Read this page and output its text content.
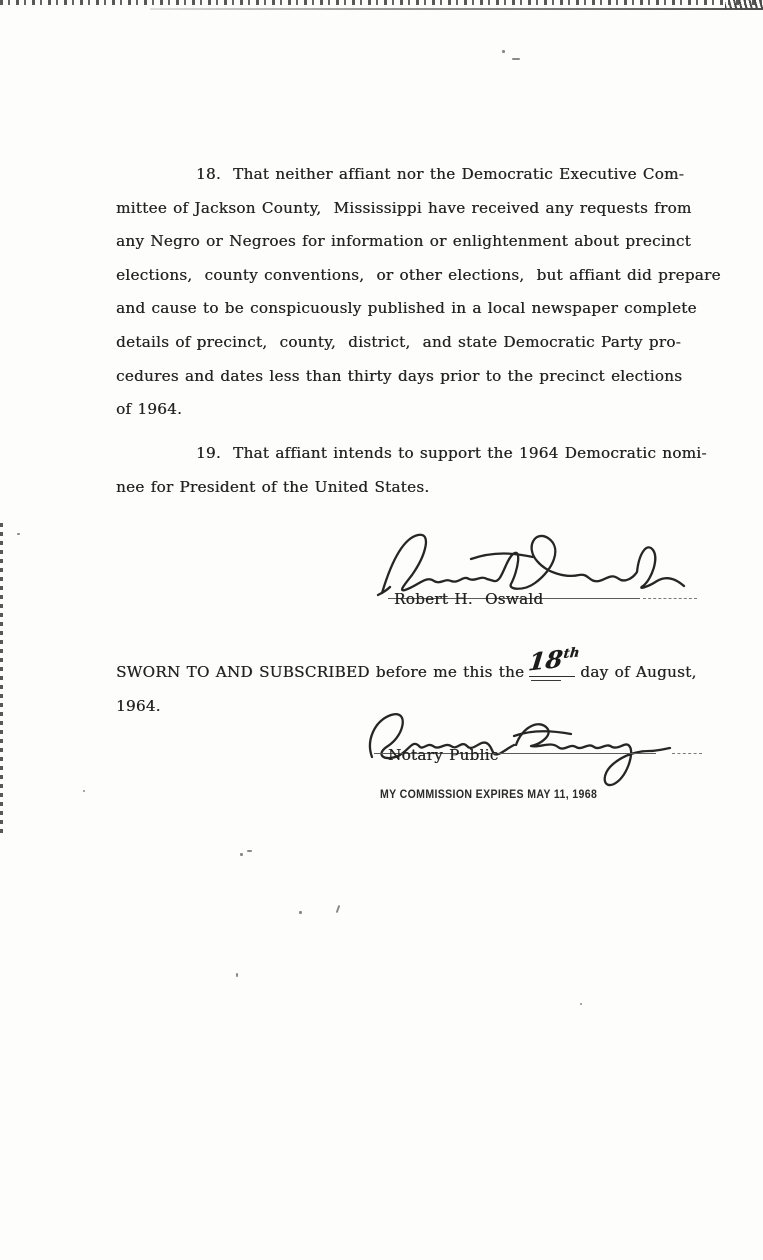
18.  That neither affiant nor the Democratic Executive Com-
mittee of Jackson County,  Mississippi have received any requests from
any Negro or Negroes for information or enlightenment about precinct
elections,  county conventions,  or other elections,  but affiant did prepare
and cause to be conspicuously published in a local newspaper complete
details of precinct,  county,  district,  and state Democratic Party pro-
cedures and dates less than thirty days prior to the precinct elections
of 1964.
19.  That affiant intends to support the 1964 Democratic nomi-
nee for President of the United States.
Robert H.  Oswald
SWORN TO AND SUBSCRIBED before me this the 18th
day of August,
1964.
Notary Public
MY COMMISSION EXPIRES MAY 11, 1968
